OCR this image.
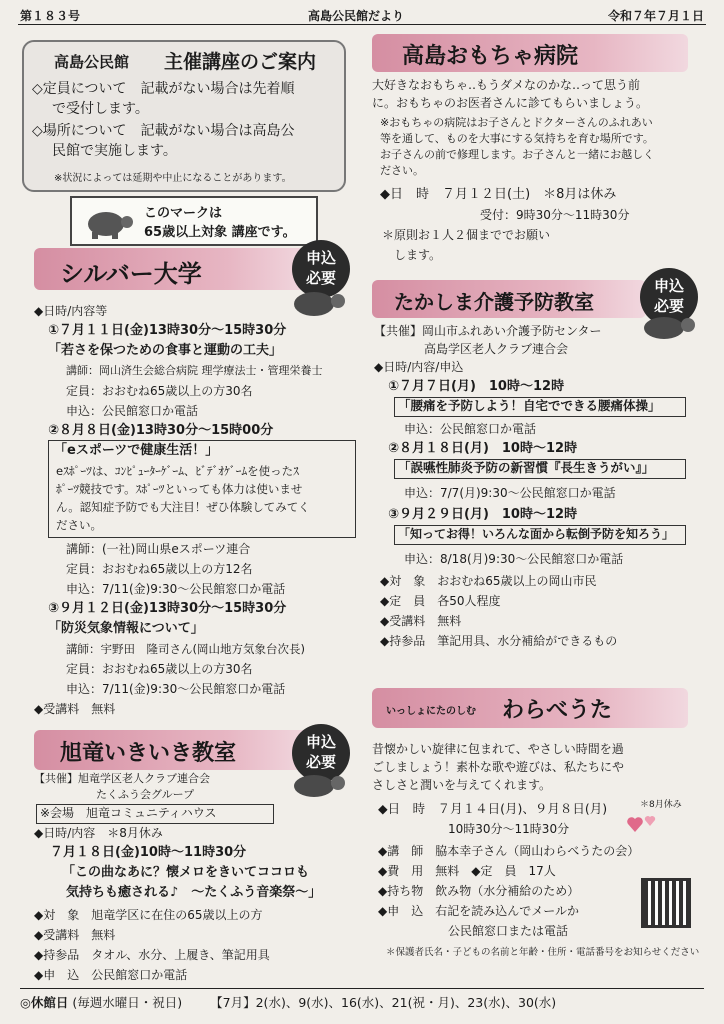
第１８３号	高島公民館だより	令和７年７月１日
高島公民館 主催講座のご案内
◇定員について　記載がない場合は先着順
で受付します。
◇場所について　記載がない場合は高島公
民館で実施します。
※状況によっては延期や中止になることがあります。
このマークは
65歳以上対象 講座です。
シルバー大学
申込
必要
◆日時/内容等
①７月１１日(金)13時30分～15時30分
「若さを保つための食事と運動の工夫」
講師：岡山済生会総合病院 理学療法士・管理栄養士
定員：おおむね65歳以上の方30名
申込：公民館窓口か電話
②８月８日(金)13時30分～15時00分
「eスポーツで健康生活！」
eｽﾎﾟｰﾂは、ｺﾝﾋﾟｭｰﾀｰｹﾞｰﾑ、ﾋﾞﾃﾞｵｹﾞｰﾑを使ったｽ
ﾎﾟｰﾂ競技です。ｽﾎﾟｰﾂといっても体力は使いませ
ん。認知症予防でも大注目！ぜひ体験してみてく
ださい。
講師：(一社)岡山県eスポーツ連合
定員：おおむね65歳以上の方12名
申込：7/11(金)9:30～公民館窓口か電話
③９月１２日(金)13時30分～15時30分
「防災気象情報について」
講師：宇野田　隆司さん(岡山地方気象台次長)
定員：おおむね65歳以上の方30名
申込：7/11(金)9:30～公民館窓口か電話
◆受講料　無料
旭竜いきいき教室	申込
必要
【共催】旭竜学区老人クラブ連合会
たくふう会グループ
※会場　旭竜コミュニティハウス
◆日時/内容　＊8月休み
７月１８日(金)10時～11時30分
「この曲なあに？懐メロをきいてココロも
気持ちも癒される♪　～たくふう音楽祭～」
◆対　象　旭竜学区に在住の65歳以上の方
◆受講料　無料
◆持参品　タオル、水分、上履き、筆記用具
◆申　込　公民館窓口か電話
高島おもちゃ病院
大好きなおもちゃ‥もうダメなのかな‥って思う前
に。おもちゃのお医者さんに診てもらいましょう。
※おもちゃの病院はお子さんとドクターさんのふれあい
等を通して、ものを大事にする気持ちを育む場所です。
お子さんの前で修理します。お子さんと一緒にお越しく
ださい。
◆日　時　７月１２日(土)　＊8月は休み
受付：9時30分～11時30分
＊原則お１人２個まででお願い
します。
たかしま介護予防教室
申込
必要
【共催】岡山市ふれあい介護予防センター
高島学区老人クラブ連合会
◆日時/内容/申込
①７月７日(月)　10時～12時
「腰痛を予防しよう！自宅でできる腰痛体操」
申込：公民館窓口か電話
②８月１８日(月)　10時～12時
「誤嚥性肺炎予防の新習慣『長生きうがい』」
申込：7/7(月)9:30～公民館窓口か電話
③９月２９日(月)　10時～12時
「知ってお得！いろんな面から転倒予防を知ろう」
申込：8/18(月)9:30～公民館窓口か電話
◆対　象　おおむね65歳以上の岡山市民
◆定　員　各50人程度
◆受講料　無料
◆持参品　筆記用具、水分補給ができるもの
いっしょにたのしむ わらべうた
昔懐かしい旋律に包まれて、やさしい時間を過
ごしましょう！素朴な歌や遊びは、私たちにや
さしさと潤いを与えてくれます。
◆日　時　７月１４日(月)、９月８日(月)	＊8月休み
10時30分～11時30分
◆講　師　脇本幸子さん（岡山わらべうたの会）
◆費　用　無料　◆定　員　17人
◆持ち物　飲み物（水分補給のため）
◆申　込　右記を読み込んでメールか
公民館窓口または電話
＊保護者氏名・子どもの名前と年齢・住所・電話番号をお知らせください
◎休館日 (毎週水曜日・祝日) 【7月】2(水)、9(水)、16(水)、21(祝・月)、23(水)、30(水)
